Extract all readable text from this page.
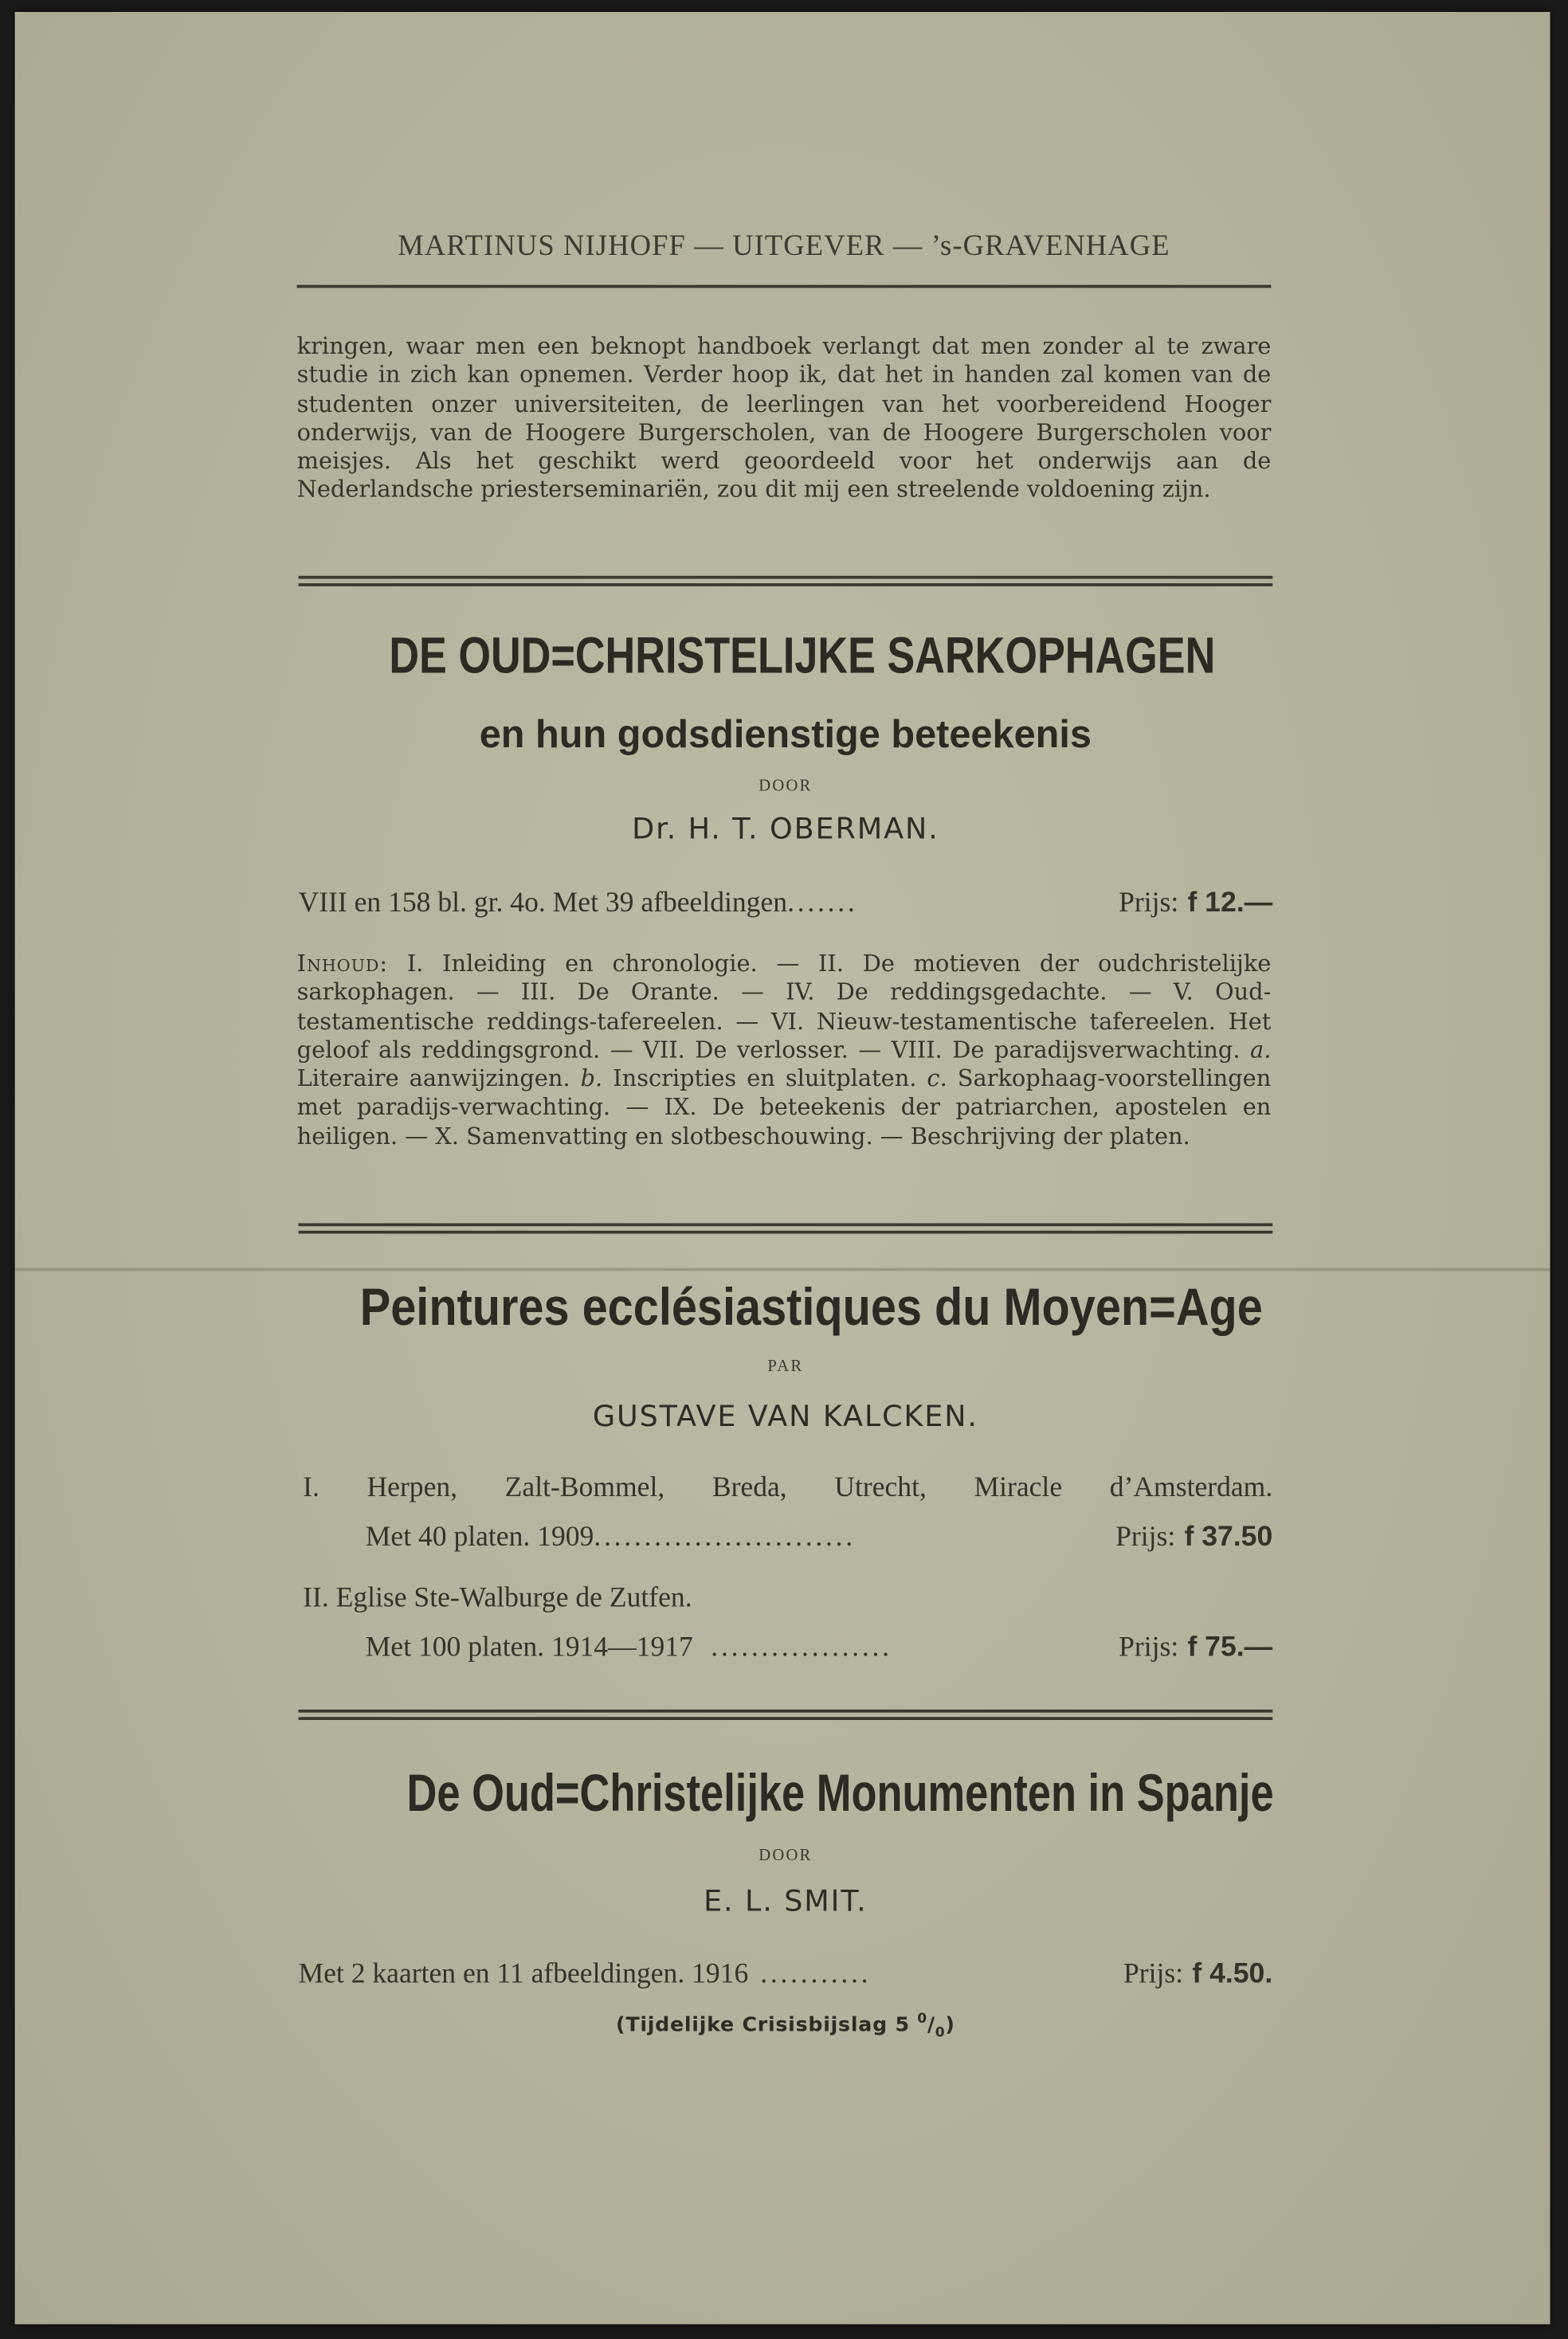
MARTINUS NIJHOFF — UITGEVER — ’s-GRAVENHAGE
kringen, waar men een beknopt handboek verlangt dat men zonder al te zware studie in zich kan opnemen. Verder hoop ik, dat het in handen zal komen van de studenten onzer universiteiten, de leerlingen van het voorbereidend Hooger onderwijs, van de Hoogere Burgerscholen, van de Hoogere Burgerscholen voor meisjes. Als het geschikt werd geoordeeld voor het onderwijs aan de Nederlandsche priesterseminariën, zou dit mij een streelende voldoening zijn.
DE OUD=CHRISTELIJKE SARKOPHAGEN
en hun godsdienstige beteekenis
DOOR
Dr. H. T. OBERMAN.
VIII en 158 bl. gr. 4o. Met 39 afbeeldingen .......	Prijs: f 12.—
Inhoud: I. Inleiding en chronologie. — II. De motieven der oudchristelijke sarkophagen. — III. De Orante. — IV. De reddingsgedachte. — V. Oud-testamentische reddings-tafereelen. — VI. Nieuw-testamentische tafereelen. Het geloof als reddingsgrond. — VII. De verlosser. — VIII. De paradijsverwachting. a. Literaire aanwijzingen. b. Inscripties en sluitplaten. c. Sarkophaag-voorstellingen met paradijs-verwachting. — IX. De beteekenis der patriarchen, apostelen en heiligen. — X. Samenvatting en slotbeschouwing. — Beschrijving der platen.
Peintures ecclésiastiques du Moyen=Age
PAR
GUSTAVE VAN KALCKEN.
I. Herpen, Zalt-Bommel, Breda, Utrecht, Miracle d’Amsterdam.
Met 40 platen. 1909 ..........................	Prijs: f 37.50
II. Eglise Ste-Walburge de Zutfen.
Met 100 platen. 1914—1917 ..................	Prijs: f 75.—
De Oud=Christelijke Monumenten in Spanje
DOOR
E. L. SMIT.
Met 2 kaarten en 11 afbeeldingen. 1916 ...........	Prijs: f 4.50.
(Tijdelijke Crisisbijslag 5 $^0/_0$)
